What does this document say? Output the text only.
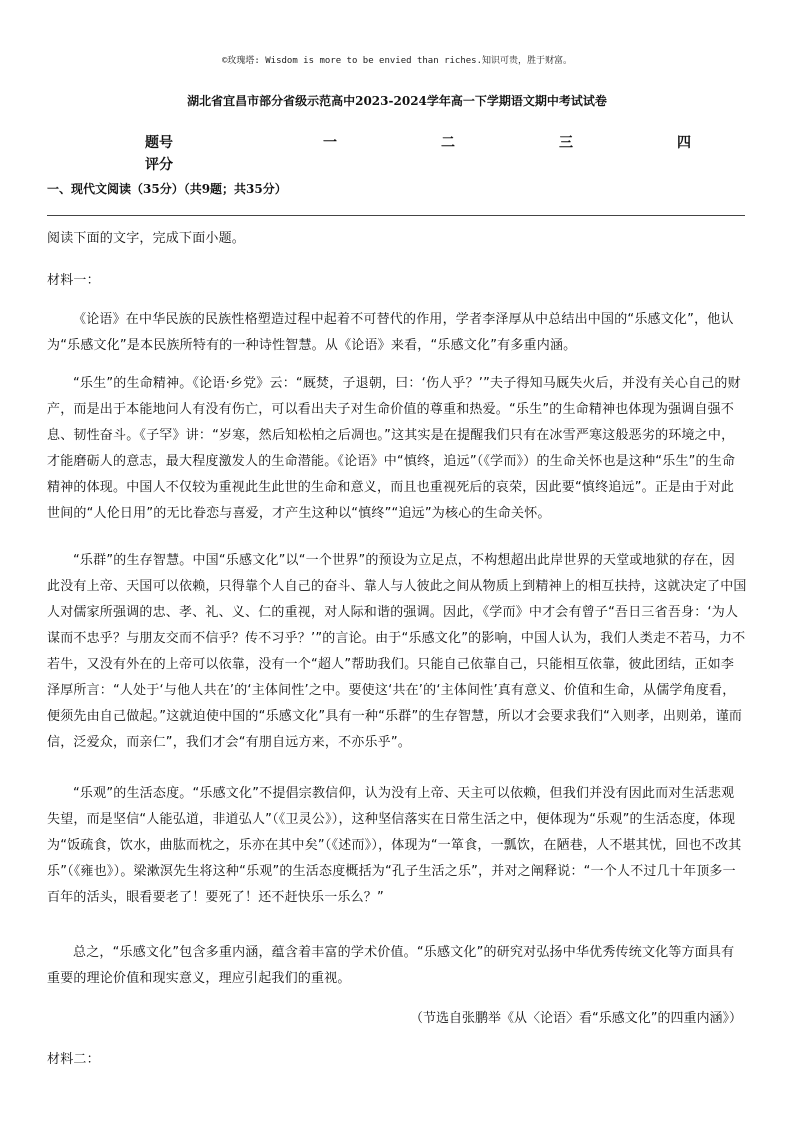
©玫瑰塔: Wisdom is more to be envied than riches.知识可贵，胜于财富。
湖北省宜昌市部分省级示范高中2023-2024学年高一下学期语文期中考试试卷
题号	一	二	三	四
评分
一、现代文阅读（35分）（共9题；共35分）
阅读下面的文字，完成下面小题。
材料一：
《论语》在中华民族的民族性格塑造过程中起着不可替代的作用，学者李泽厚从中总结出中国的“乐感文化”，他认为“乐感文化”是本民族所特有的一种诗性智慧。从《论语》来看，“乐感文化”有多重内涵。
“乐生”的生命精神。《论语·乡党》云：“厩焚，子退朝，曰：‘伤人乎？’”夫子得知马厩失火后，并没有关心自己的财产，而是出于本能地问人有没有伤亡，可以看出夫子对生命价值的尊重和热爱。“乐生”的生命精神也体现为强调自强不息、韧性奋斗。《子罕》讲：“岁寒，然后知松柏之后凋也。”这其实是在提醒我们只有在冰雪严寒这般恶劣的环境之中，才能磨砺人的意志，最大程度激发人的生命潜能。《论语》中“慎终，追远”（《学而》）的生命关怀也是这种“乐生”的生命精神的体现。中国人不仅较为重视此生此世的生命和意义，而且也重视死后的哀荣，因此要“慎终追远”。正是由于对此世间的“人伦日用”的无比眷恋与喜爱，才产生这种以“慎终”“追远”为核心的生命关怀。
“乐群”的生存智慧。中国“乐感文化”以“一个世界”的预设为立足点，不构想超出此岸世界的天堂或地狱的存在，因此没有上帝、天国可以依赖，只得靠个人自己的奋斗、靠人与人彼此之间从物质上到精神上的相互扶持，这就决定了中国人对儒家所强调的忠、孝、礼、义、仁的重视，对人际和谐的强调。因此，《学而》中才会有曾子“吾日三省吾身：‘为人谋而不忠乎？与朋友交而不信乎？传不习乎？’”的言论。由于“乐感文化”的影响，中国人认为，我们人类走不若马，力不若牛，又没有外在的上帝可以依靠，没有一个“超人”帮助我们。只能自己依靠自己，只能相互依靠，彼此团结，正如李泽厚所言：“人处于‘与他人共在’的‘主体间性’之中。要使这‘共在’的‘主体间性’真有意义、价值和生命，从儒学角度看，便须先由自己做起。”这就迫使中国的“乐感文化”具有一种“乐群”的生存智慧，所以才会要求我们“入则孝，出则弟，谨而信，泛爱众，而亲仁”，我们才会“有朋自远方来，不亦乐乎”。
“乐观”的生活态度。“乐感文化”不提倡宗教信仰，认为没有上帝、天主可以依赖，但我们并没有因此而对生活悲观失望，而是坚信“人能弘道，非道弘人”（《卫灵公》），这种坚信落实在日常生活之中，便体现为“乐观”的生活态度，体现为“饭疏食，饮水，曲肱而枕之，乐亦在其中矣”（《述而》），体现为“一箪食，一瓢饮，在陋巷，人不堪其忧，回也不改其乐”（《雍也》）。梁漱溟先生将这种“乐观”的生活态度概括为“孔子生活之乐”，并对之阐释说：“一个人不过几十年顶多一百年的活头，眼看要老了！要死了！还不赶快乐一乐么？”
总之，“乐感文化”包含多重内涵，蕴含着丰富的学术价值。“乐感文化”的研究对弘扬中华优秀传统文化等方面具有重要的理论价值和现实意义，理应引起我们的重视。
（节选自张鹏举《从〈论语〉看“乐感文化”的四重内涵》）
材料二：
